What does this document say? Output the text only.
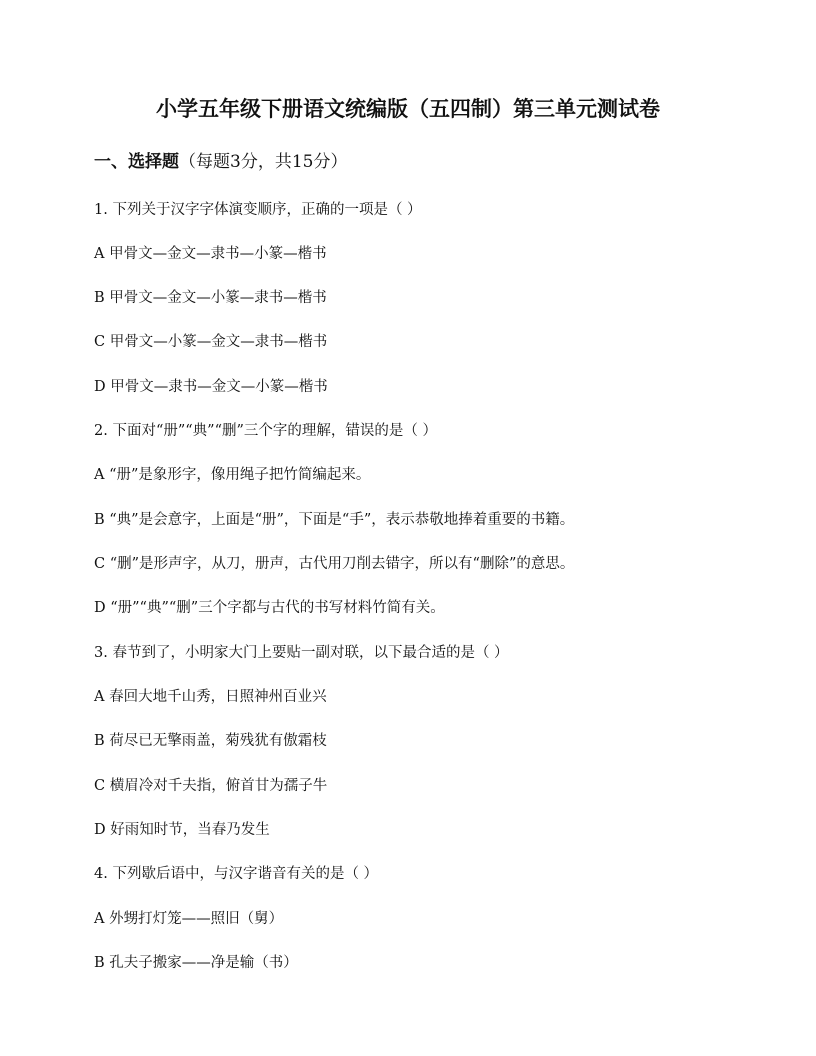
小学五年级下册语文统编版（五四制）第三单元测试卷
一、选择题（每题3分，共15分）
1. 下列关于汉字字体演变顺序，正确的一项是（ ）
A 甲骨文—金文—隶书—小篆—楷书
B 甲骨文—金文—小篆—隶书—楷书
C 甲骨文—小篆—金文—隶书—楷书
D 甲骨文—隶书—金文—小篆—楷书
2. 下面对“册”“典”“删”三个字的理解，错误的是（ ）
A “册”是象形字，像用绳子把竹简编起来。
B “典”是会意字，上面是“册”，下面是“手”，表示恭敬地捧着重要的书籍。
C “删”是形声字，从刀，册声，古代用刀削去错字，所以有“删除”的意思。
D “册”“典”“删”三个字都与古代的书写材料竹简有关。
3. 春节到了，小明家大门上要贴一副对联，以下最合适的是（ ）
A 春回大地千山秀，日照神州百业兴
B 荷尽已无擎雨盖，菊残犹有傲霜枝
C 横眉冷对千夫指，俯首甘为孺子牛
D 好雨知时节，当春乃发生
4. 下列歇后语中，与汉字谐音有关的是（ ）
A 外甥打灯笼——照旧（舅）
B 孔夫子搬家——净是输（书）
